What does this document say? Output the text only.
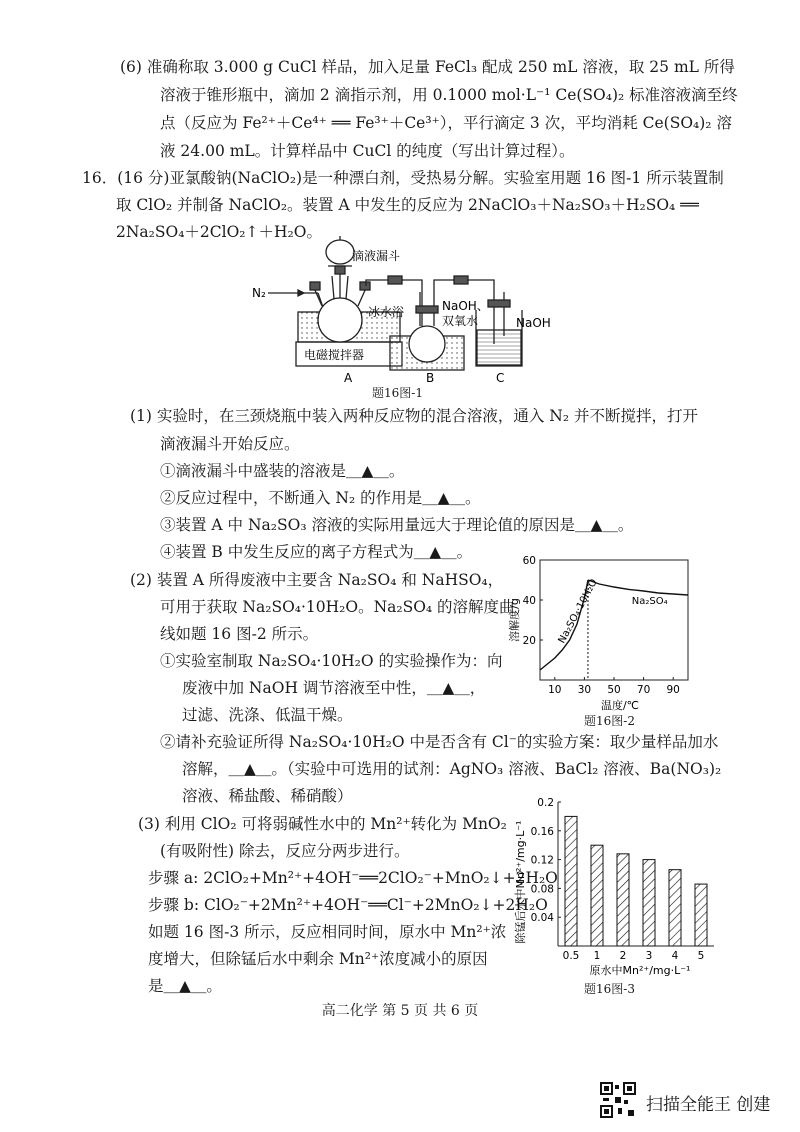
(6) 准确称取 3.000 g CuCl 样品，加入足量 FeCl₃ 配成 250 mL 溶液，取 25 mL 所得
溶液于锥形瓶中，滴加 2 滴指示剂，用 0.1000 mol·L⁻¹ Ce(SO₄)₂ 标准溶液滴至终
点（反应为 Fe²⁺＋Ce⁴⁺ ══ Fe³⁺＋Ce³⁺），平行滴定 3 次，平均消耗 Ce(SO₄)₂ 溶
液 24.00 mL。计算样品中 CuCl 的纯度（写出计算过程）。
16．(16 分)亚氯酸钠(NaClO₂)是一种漂白剂，受热易分解。实验室用题 16 图-1 所示装置制
取 ClO₂ 并制备 NaClO₂。装置 A 中发生的反应为 2NaClO₃＋Na₂SO₃＋H₂SO₄ ══
2Na₂SO₄＋2ClO₂↑＋H₂O。
滴液漏斗
N₂
冰水浴
电磁搅拌器
NaOH、
双氧水	NaOH
A	B	C
题16图-1
(1) 实验时，在三颈烧瓶中装入两种反应物的混合溶液，通入 N₂ 并不断搅拌，打开
滴液漏斗开始反应。
①滴液漏斗中盛装的溶液是＿▲＿。
②反应过程中，不断通入 N₂ 的作用是＿▲＿。
③装置 A 中 Na₂SO₃ 溶液的实际用量远大于理论值的原因是＿▲＿。
④装置 B 中发生反应的离子方程式为＿▲＿。
(2) 装置 A 所得废液中主要含 Na₂SO₄ 和 NaHSO₄，
可用于获取 Na₂SO₄·10H₂O。Na₂SO₄ 的溶解度曲
线如题 16 图-2 所示。
①实验室制取 Na₂SO₄·10H₂O 的实验操作为：向
废液中加 NaOH 调节溶液至中性，＿▲＿，
过滤、洗涤、低温干燥。
②请补充验证所得 Na₂SO₄·10H₂O 中是否含有 Cl⁻的实验方案：取少量样品加水
溶解，＿▲＿。（实验中可选用的试剂：AgNO₃ 溶液、BaCl₂ 溶液、Ba(NO₃)₂
溶液、稀盐酸、稀硝酸）
10 30 50 70 90
20
40
60
溶解度/g
温度/℃
Na₂SO₄·10H₂O	Na₂SO₄
题16图-2
(3) 利用 ClO₂ 可将弱碱性水中的 Mn²⁺转化为 MnO₂
(有吸附性) 除去，反应分两步进行。
步骤 a: 2ClO₂+Mn²⁺+4OH⁻══2ClO₂⁻+MnO₂↓+2H₂O
步骤 b: ClO₂⁻+2Mn²⁺+4OH⁻══Cl⁻+2MnO₂↓+2H₂O
如题 16 图-3 所示，反应相同时间，原水中 Mn²⁺浓
度增大，但除锰后水中剩余 Mn²⁺浓度减小的原因
是＿▲＿。
0.04
0.08
0.12
0.16
0.2
0.5 1 2 3 4 5
除锰后水中Mn²⁺/mg·L⁻¹
原水中Mn²⁺/mg·L⁻¹
题16图-3
高二化学 第 5 页 共 6 页
扫描全能王 创建
